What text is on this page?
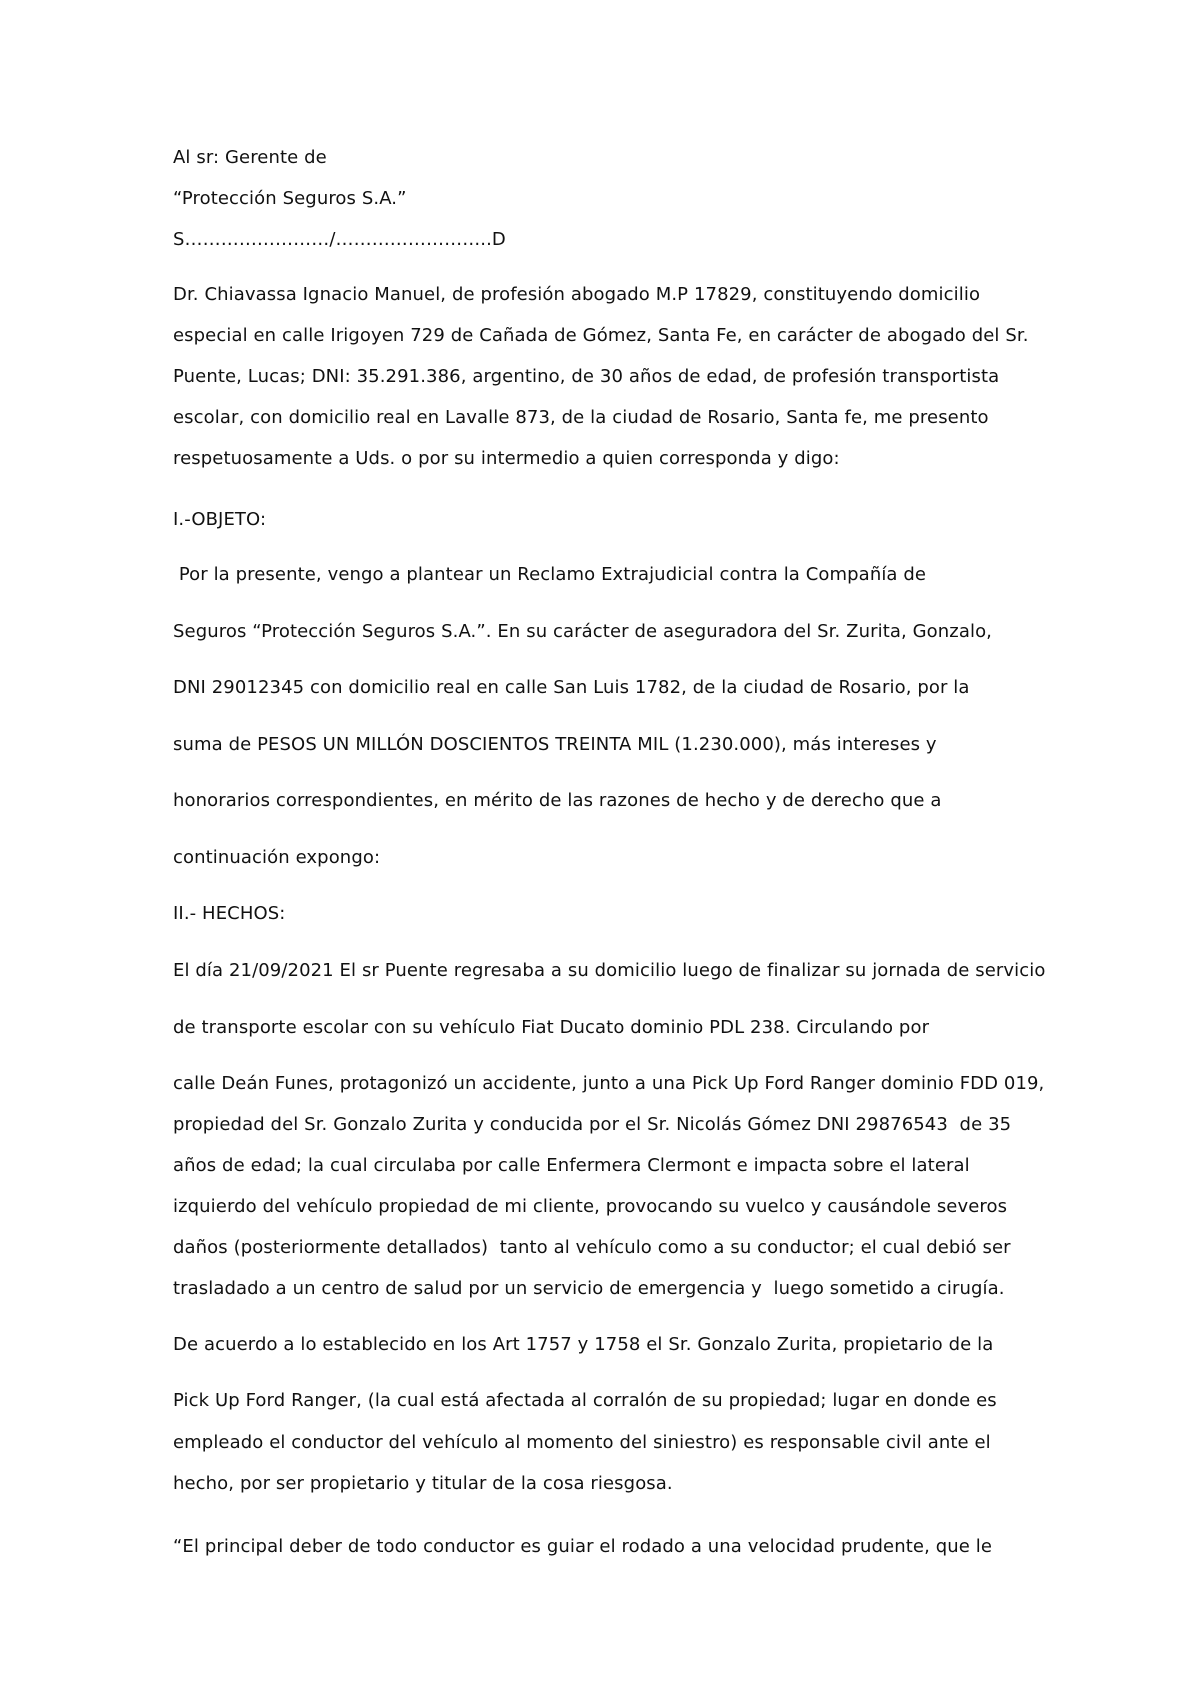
Al sr: Gerente de
“Protección Seguros S.A.”
S……………………/……………………..D
Dr. Chiavassa Ignacio Manuel, de profesión abogado M.P 17829, constituyendo domicilio
especial en calle Irigoyen 729 de Cañada de Gómez, Santa Fe, en carácter de abogado del Sr.
Puente, Lucas; DNI: 35.291.386, argentino, de 30 años de edad, de profesión transportista
escolar, con domicilio real en Lavalle 873, de la ciudad de Rosario, Santa fe, me presento
respetuosamente a Uds. o por su intermedio a quien corresponda y digo:
I.-OBJETO:
Por la presente, vengo a plantear un Reclamo Extrajudicial contra la Compañía de
Seguros “Protección Seguros S.A.”. En su carácter de aseguradora del Sr. Zurita, Gonzalo,
DNI 29012345 con domicilio real en calle San Luis 1782, de la ciudad de Rosario, por la
suma de PESOS UN MILLÓN DOSCIENTOS TREINTA MIL (1.230.000), más intereses y
honorarios correspondientes, en mérito de las razones de hecho y de derecho que a
continuación expongo:
II.- HECHOS:
El día 21/09/2021 El sr Puente regresaba a su domicilio luego de finalizar su jornada de servicio
de transporte escolar con su vehículo Fiat Ducato dominio PDL 238. Circulando por
calle Deán Funes, protagonizó un accidente, junto a una Pick Up Ford Ranger dominio FDD 019,
propiedad del Sr. Gonzalo Zurita y conducida por el Sr. Nicolás Gómez DNI 29876543  de 35
años de edad; la cual circulaba por calle Enfermera Clermont e impacta sobre el lateral
izquierdo del vehículo propiedad de mi cliente, provocando su vuelco y causándole severos
daños (posteriormente detallados)  tanto al vehículo como a su conductor; el cual debió ser
trasladado a un centro de salud por un servicio de emergencia y  luego sometido a cirugía.
De acuerdo a lo establecido en los Art 1757 y 1758 el Sr. Gonzalo Zurita, propietario de la
Pick Up Ford Ranger, (la cual está afectada al corralón de su propiedad; lugar en donde es
empleado el conductor del vehículo al momento del siniestro) es responsable civil ante el
hecho, por ser propietario y titular de la cosa riesgosa.
“El principal deber de todo conductor es guiar el rodado a una velocidad prudente, que le
